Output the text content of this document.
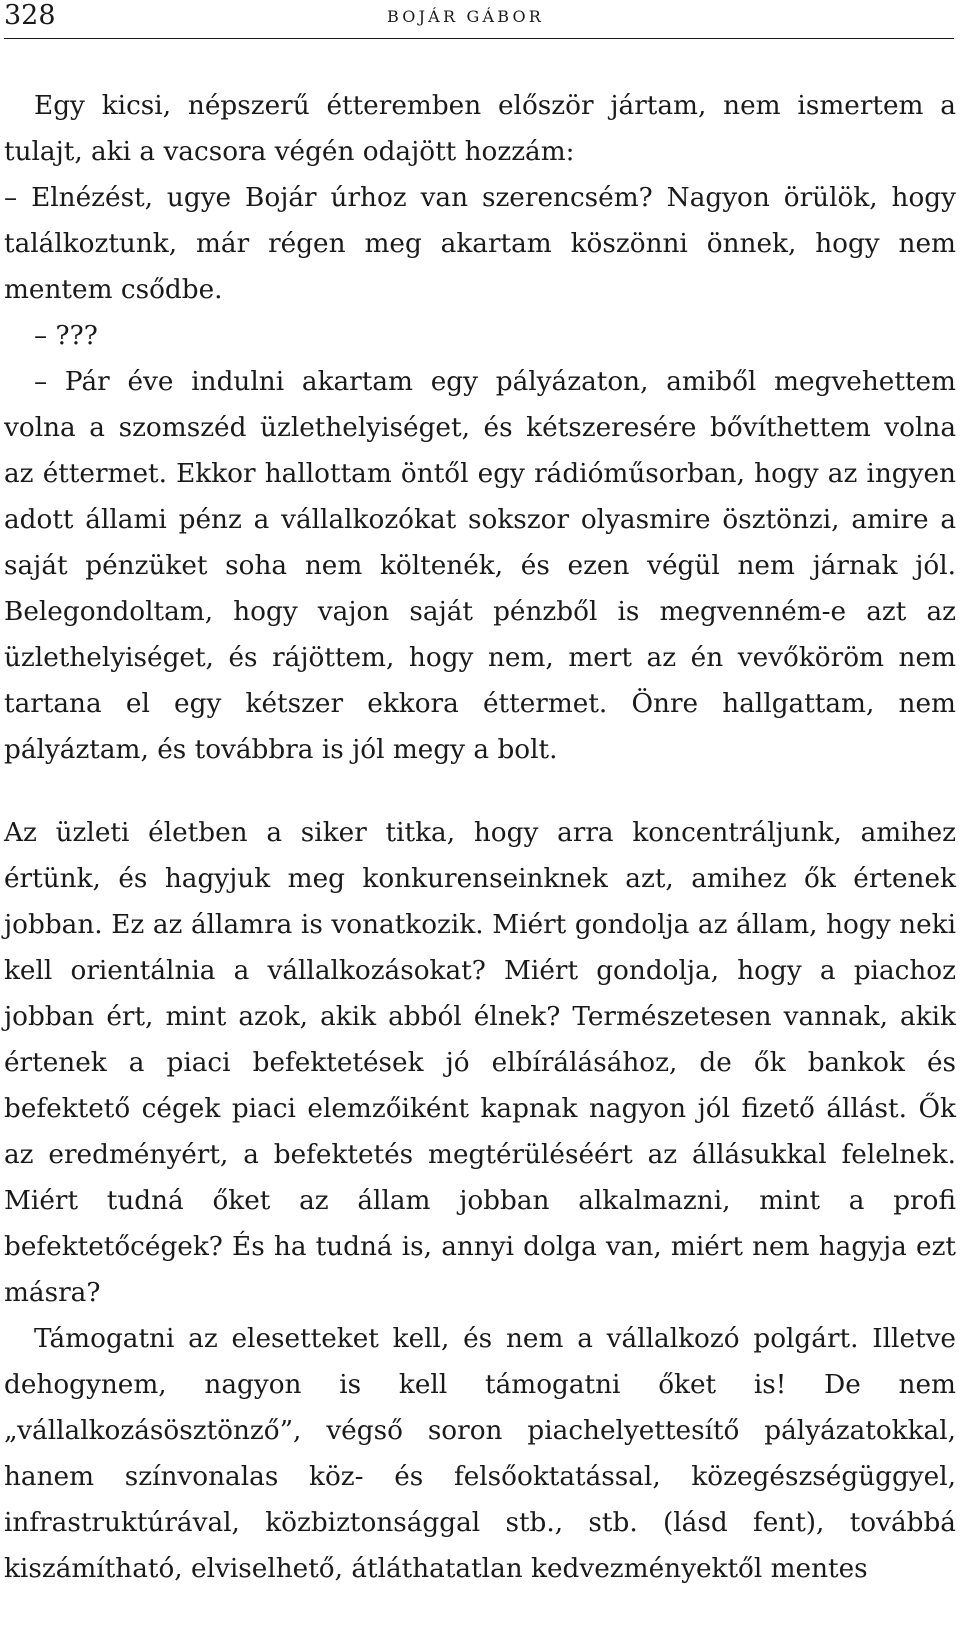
328	BOJÁR GÁBOR

Egy kicsi, népszerű étteremben először jártam, nem ismertem a tulajt, aki a vacsora végén odajött hozzám:

– Elnézést, ugye Bojár úrhoz van szerencsém? Nagyon örülök, hogy találkoztunk, már régen meg akartam köszönni önnek, hogy nem mentem csődbe.

– ???

– Pár éve indulni akartam egy pályázaton, amiből megvehettem volna a szomszéd üzlethelyiséget, és kétszeresére bővíthettem volna az éttermet. Ekkor hallottam öntől egy rádióműsorban, hogy az ingyen adott állami pénz a vállalkozókat sokszor olyasmire ösztönzi, amire a saját pénzüket soha nem költenék, és ezen végül nem járnak jól. Belegondoltam, hogy vajon saját pénzből is megvenném-e azt az üzlethelyiséget, és rájöttem, hogy nem, mert az én vevőköröm nem tartana el egy kétszer ekkora éttermet. Önre hallgattam, nem pályáztam, és továbbra is jól megy a bolt.

Az üzleti életben a siker titka, hogy arra koncentráljunk, amihez értünk, és hagyjuk meg konkurenseinknek azt, amihez ők értenek jobban. Ez az államra is vonatkozik. Miért gondolja az állam, hogy neki kell orientálnia a vállalkozásokat? Miért gondolja, hogy a piachoz jobban ért, mint azok, akik abból élnek? Természetesen vannak, akik értenek a piaci befektetések jó elbírálásához, de ők bankok és befektető cégek piaci elemzőiként kapnak nagyon jól fizető állást. Ők az eredményért, a befektetés megtérüléséért az állásukkal felelnek. Miért tudná őket az állam jobban alkalmazni, mint a profi befektetőcégek? És ha tudná is, annyi dolga van, miért nem hagyja ezt másra?

Támogatni az elesetteket kell, és nem a vállalkozó polgárt. Illetve dehogynem, nagyon is kell támogatni őket is! De nem „vállalkozásösztönző”, végső soron piachelyettesítő pályázatokkal, hanem színvonalas köz- és felsőoktatással, közegészségüggyel, infrastruktúrával, közbiztonsággal stb., stb. (lásd fent), továbbá kiszámítható, elviselhető, átláthatatlan kedvezményektől mentes
